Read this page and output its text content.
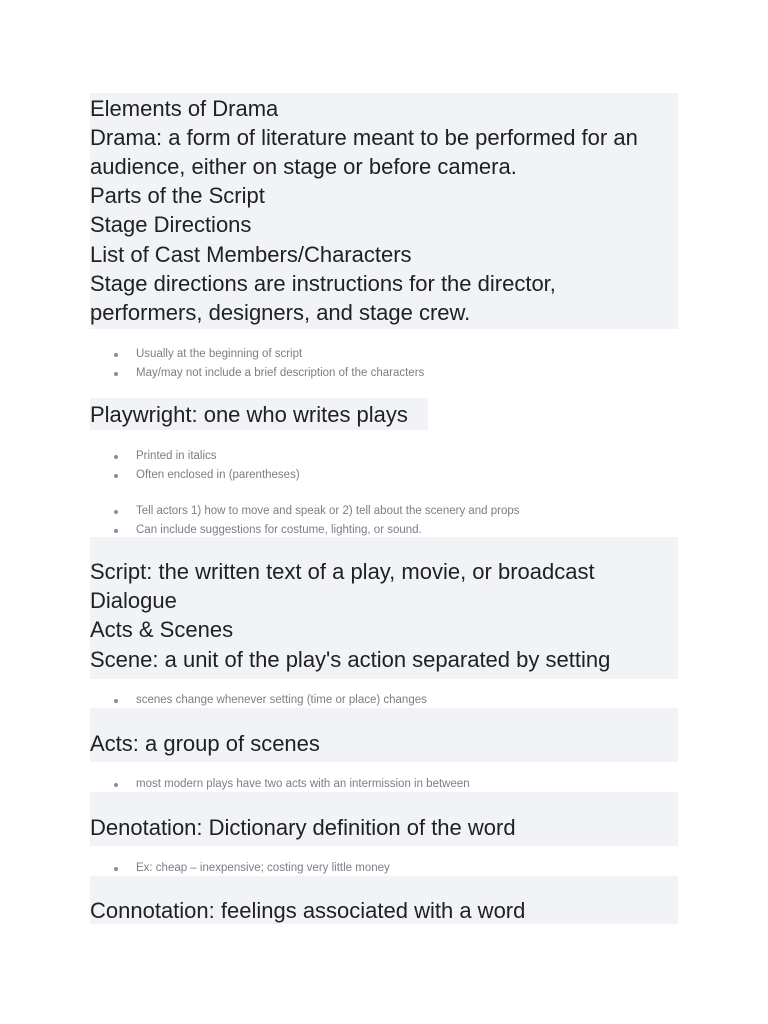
Elements of Drama
Drama: a form of literature meant to be performed for an
audience, either on stage or before camera.
Parts of the Script
Stage Directions
List of Cast Members/Characters
Stage directions are instructions for the director,
performers, designers, and stage crew.
Usually at the beginning of script
May/may not include a brief description of the characters
Playwright: one who writes plays
Printed in italics
Often enclosed in (parentheses)
Tell actors 1) how to move and speak or 2) tell about the scenery and props
Can include suggestions for costume, lighting, or sound.
Script: the written text of a play, movie, or broadcast
Dialogue
Acts & Scenes
Scene: a unit of the play's action separated by setting
scenes change whenever setting (time or place) changes
Acts: a group of scenes
most modern plays have two acts with an intermission in between
Denotation: Dictionary definition of the word
Ex: cheap – inexpensive; costing very little money
Connotation: feelings associated with a word
